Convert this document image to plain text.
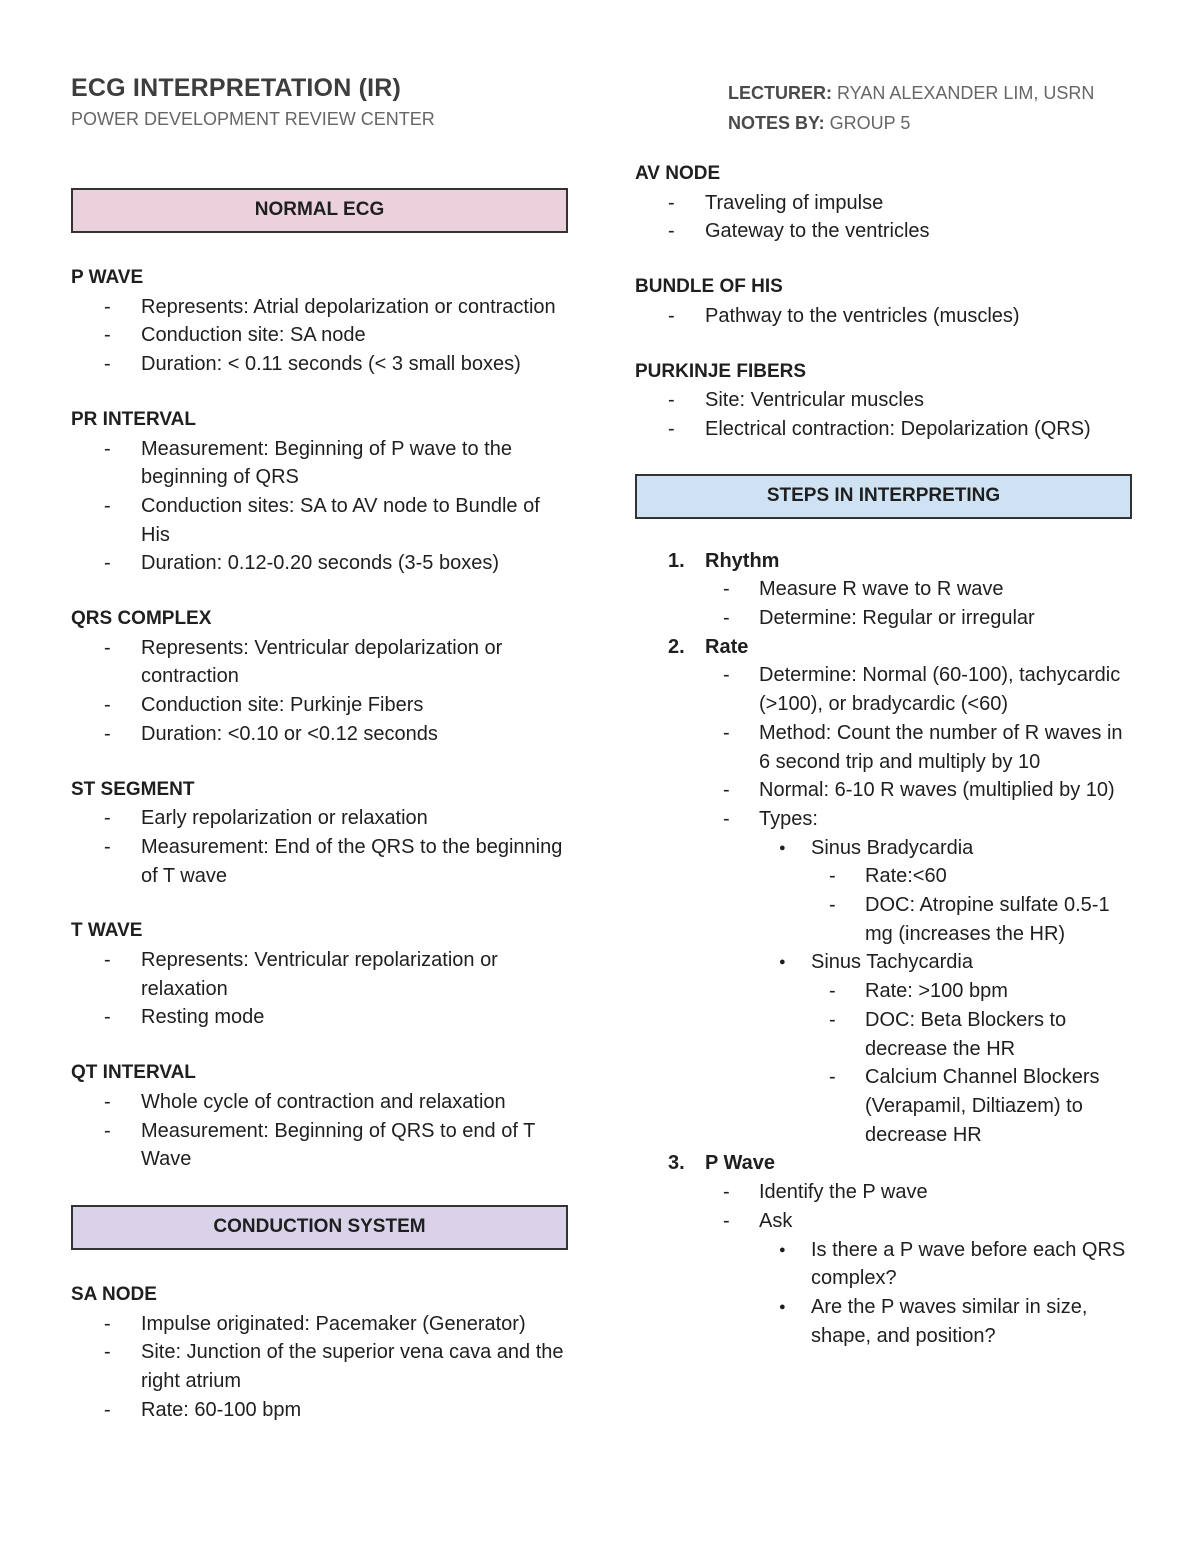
ECG INTERPRETATION (IR)
POWER DEVELOPMENT REVIEW CENTER
LECTURER: RYAN ALEXANDER LIM, USRN
NOTES BY: GROUP 5
NORMAL ECG
P WAVE
- Represents: Atrial depolarization or contraction
- Conduction site: SA node
- Duration: < 0.11 seconds (< 3 small boxes)
PR INTERVAL
- Measurement: Beginning of P wave to the beginning of QRS
- Conduction sites: SA to AV node to Bundle of His
- Duration: 0.12-0.20 seconds (3-5 boxes)
QRS COMPLEX
- Represents: Ventricular depolarization or contraction
- Conduction site: Purkinje Fibers
- Duration: <0.10 or <0.12 seconds
ST SEGMENT
- Early repolarization or relaxation
- Measurement: End of the QRS to the beginning of T wave
T WAVE
- Represents: Ventricular repolarization or relaxation
- Resting mode
QT INTERVAL
- Whole cycle of contraction and relaxation
- Measurement: Beginning of QRS to end of T Wave
CONDUCTION SYSTEM
SA NODE
- Impulse originated: Pacemaker (Generator)
- Site: Junction of the superior vena cava and the right atrium
- Rate: 60-100 bpm
AV NODE
- Traveling of impulse
- Gateway to the ventricles
BUNDLE OF HIS
- Pathway to the ventricles (muscles)
PURKINJE FIBERS
- Site: Ventricular muscles
- Electrical contraction: Depolarization (QRS)
STEPS IN INTERPRETING
1. Rhythm
- Measure R wave to R wave
- Determine: Regular or irregular
2. Rate
- Determine: Normal (60-100), tachycardic (>100), or bradycardic (<60)
- Method: Count the number of R waves in 6 second trip and multiply by 10
- Normal: 6-10 R waves (multiplied by 10)
- Types:
● Sinus Bradycardia
- Rate:<60
- DOC: Atropine sulfate 0.5-1 mg (increases the HR)
● Sinus Tachycardia
- Rate: >100 bpm
- DOC: Beta Blockers to decrease the HR
- Calcium Channel Blockers (Verapamil, Diltiazem) to decrease HR
3. P Wave
- Identify the P wave
- Ask
● Is there a P wave before each QRS complex?
● Are the P waves similar in size, shape, and position?
